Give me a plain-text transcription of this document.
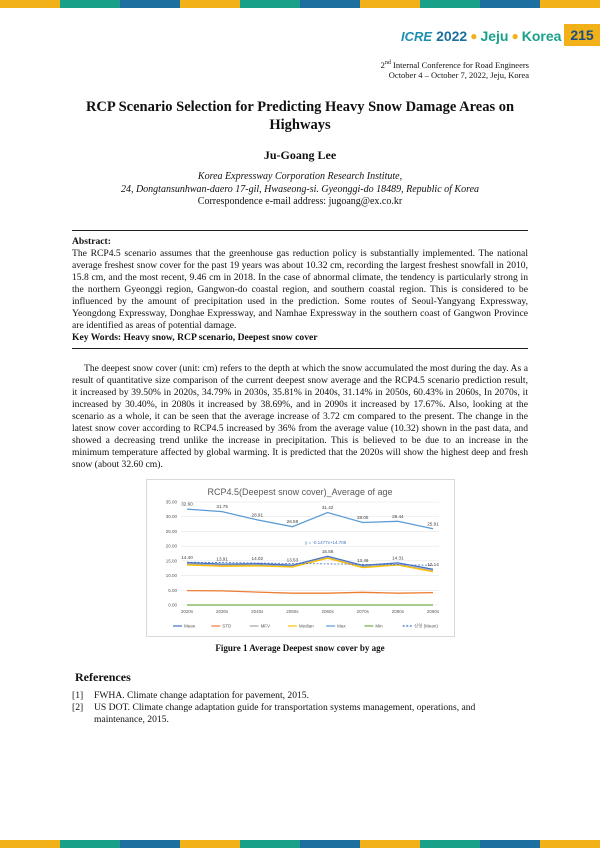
ICRE 2022 ● Jeju ● Korea 215
2nd Internal Conference for Road Engineers
October 4 – October 7, 2022, Jeju, Korea
RCP Scenario Selection for Predicting Heavy Snow Damage Areas on Highways
Ju-Goang Lee
Korea Expressway Corporation Research Institute,
24, Dongtansunhwan-daero 17-gil, Hwaseong-si. Gyeonggi-do 18489, Republic of Korea
Correspondence e-mail address: jugoang@ex.co.kr
Abstract:
The RCP4.5 scenario assumes that the greenhouse gas reduction policy is substantially implemented. The national average freshest snow cover for the past 19 years was about 10.32 cm, recording the largest freshest snowfall in 2010, 15.8 cm, and the most recent, 9.46 cm in 2018. In the case of abnormal climate, the tendency is particularly strong in the northern Gyeonggi region, Gangwon-do coastal region, and southern coastal region. This is considered to be influenced by the amount of precipitation used in the prediction. Some routes of Seoul-Yangyang Expressway, Yeongdong Expressway, Donghae Expressway, and Namhae Expressway in the southern coast of Gangwon Province are identified as areas of potential damage.
Key Words: Heavy snow, RCP scenario, Deepest snow cover
The deepest snow cover (unit: cm) refers to the depth at which the snow accumulated the most during the day. As a result of quantitative size comparison of the current deepest snow average and the RCP4.5 scenario prediction result, it increased by 39.50% in 2020s, 34.79% in 2030s, 35.81% in 2040s, 31.14% in 2050s, 60.43% in 2060s, In 2070s, it increased by 30.40%, in 2080s it increased by 38.69%, and in 2090s it increased by 17.67%. Also, looking at the scenario as a whole, it can be seen that the average increase of 3.72 cm compared to the present. The change in the latest snow cover according to RCP4.5 increased by 36% from the average value (10.32) shown in the past data, and showed a decreasing trend unlike the increase in precipitation. This is believed to be due to an increase in the minimum temperature affected by global warming. It is predicted that the 2020s will show the highest deep and fresh snow (about 32.60 cm).
RCP4.5(Deepest snow cover)_Average of age
0.00
5.00
10.00
15.00
20.00
25.00
30.00
35.00
2020s	2030s	2040s	2050s	2060s	2070s	2080s	2090s
14.40	13.91	14.02	13.53
16.56
13.46
14.31
12.14
32.60
31.75
28.91
26.59
31.42
28.05	28.44
25.91
y = -0.1477x+14.705
Mean	STD	MFV	Median	Max	Min	선형 (Mean)
Figure 1 Average Deepest snow cover by age
References
[1]	FWHA. Climate change adaptation for pavement, 2015.
[2]	US DOT. Climate change adaptation guide for transportation systems management, operations, and maintenance, 2015.
